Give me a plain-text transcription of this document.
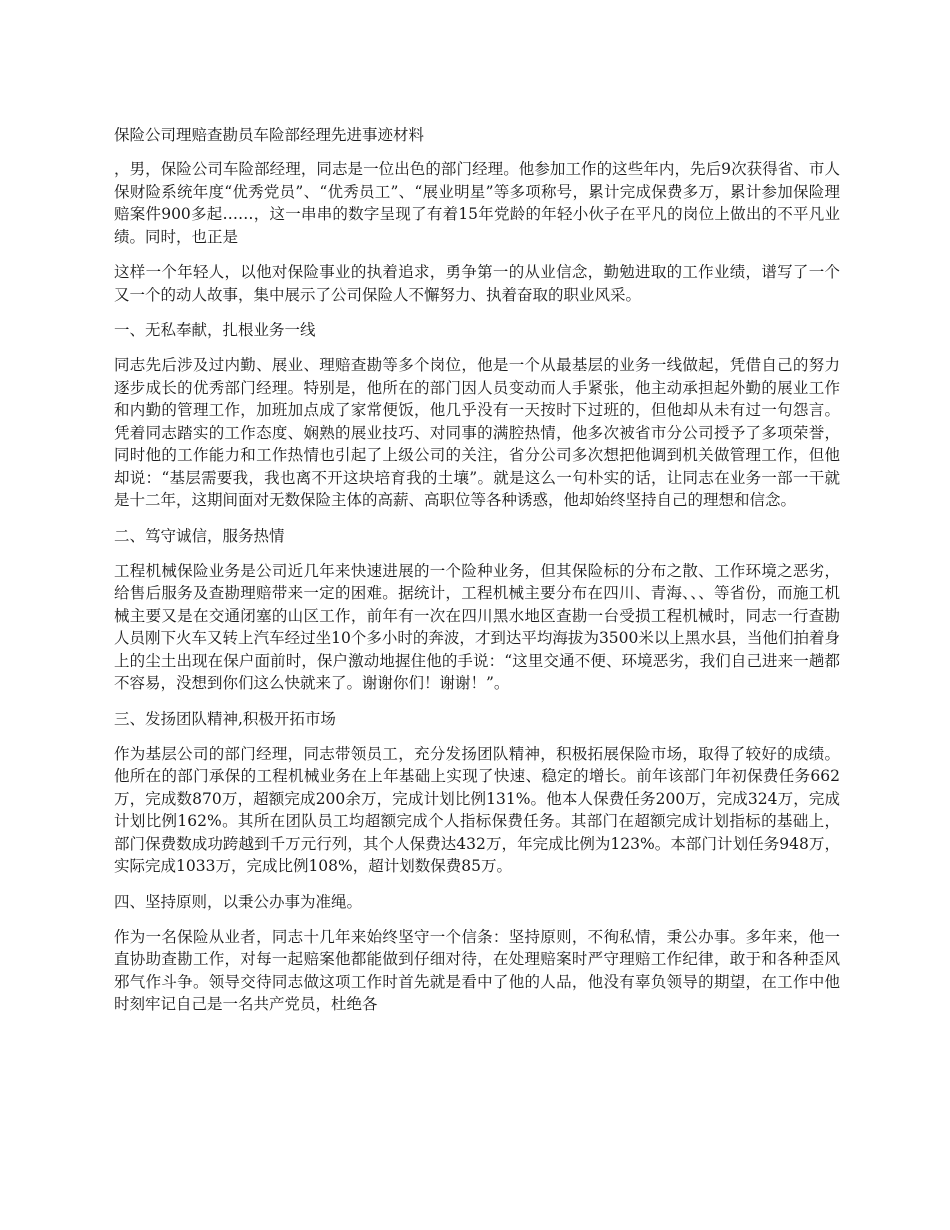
保险公司理赔查勘员车险部经理先进事迹材料

，男，保险公司车险部经理，同志是一位出色的部门经理。他参加工作的这些年内，先后9次获得省、市人保财险系统年度“优秀党员”、“优秀员工”、“展业明星”等多项称号，累计完成保费多万，累计参加保险理赔案件900多起……，这一串串的数字呈现了有着15年党龄的年轻小伙子在平凡的岗位上做出的不平凡业绩。同时，也正是

这样一个年轻人，以他对保险事业的执着追求，勇争第一的从业信念，勤勉进取的工作业绩，谱写了一个又一个的动人故事，集中展示了公司保险人不懈努力、执着奋取的职业风采。

一、无私奉献，扎根业务一线

同志先后涉及过内勤、展业、理赔查勘等多个岗位，他是一个从最基层的业务一线做起，凭借自己的努力逐步成长的优秀部门经理。特别是，他所在的部门因人员变动而人手紧张，他主动承担起外勤的展业工作和内勤的管理工作，加班加点成了家常便饭，他几乎没有一天按时下过班的，但他却从未有过一句怨言。凭着同志踏实的工作态度、娴熟的展业技巧、对同事的满腔热情，他多次被省市分公司授予了多项荣誉，同时他的工作能力和工作热情也引起了上级公司的关注，省分公司多次想把他调到机关做管理工作，但他却说：“基层需要我，我也离不开这块培育我的土壤”。就是这么一句朴实的话，让同志在业务一部一干就是十二年，这期间面对无数保险主体的高薪、高职位等各种诱惑，他却始终坚持自己的理想和信念。

二、笃守诚信，服务热情

工程机械保险业务是公司近几年来快速进展的一个险种业务，但其保险标的分布之散、工作环境之恶劣，给售后服务及查勘理赔带来一定的困难。据统计，工程机械主要分布在四川、青海、、、等省份，而施工机械主要又是在交通闭塞的山区工作，前年有一次在四川黑水地区查勘一台受损工程机械时，同志一行查勘人员刚下火车又转上汽车经过坐10个多小时的奔波，才到达平均海拔为3500米以上黑水县，当他们拍着身上的尘土出现在保户面前时，保户激动地握住他的手说：“这里交通不便、环境恶劣，我们自己进来一趟都不容易，没想到你们这么快就来了。谢谢你们！谢谢！”。

三、发扬团队精神,积极开拓市场

作为基层公司的部门经理，同志带领员工，充分发扬团队精神，积极拓展保险市场，取得了较好的成绩。他所在的部门承保的工程机械业务在上年基础上实现了快速、稳定的增长。前年该部门年初保费任务662万，完成数870万，超额完成200余万，完成计划比例131%。他本人保费任务200万，完成324万，完成计划比例162%。其所在团队员工均超额完成个人指标保费任务。其部门在超额完成计划指标的基础上，部门保费数成功跨越到千万元行列，其个人保费达432万，年完成比例为123%。本部门计划任务948万，实际完成1033万，完成比例108%，超计划数保费85万。

四、坚持原则，以秉公办事为准绳。

作为一名保险从业者，同志十几年来始终坚守一个信条：坚持原则，不徇私情，秉公办事。多年来，他一直协助查勘工作，对每一起赔案他都能做到仔细对待，在处理赔案时严守理赔工作纪律，敢于和各种歪风邪气作斗争。领导交待同志做这项工作时首先就是看中了他的人品，他没有辜负领导的期望，在工作中他时刻牢记自己是一名共产党员，杜绝各
